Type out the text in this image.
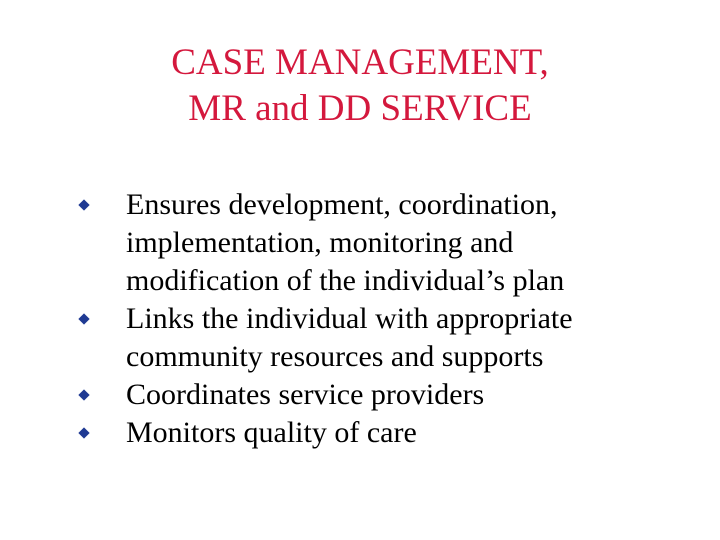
CASE MANAGEMENT,
MR and DD SERVICE
Ensures development, coordination,
implementation, monitoring and
modification of the individual’s plan
Links the individual with appropriate
community resources and supports
Coordinates service providers
Monitors quality of care
